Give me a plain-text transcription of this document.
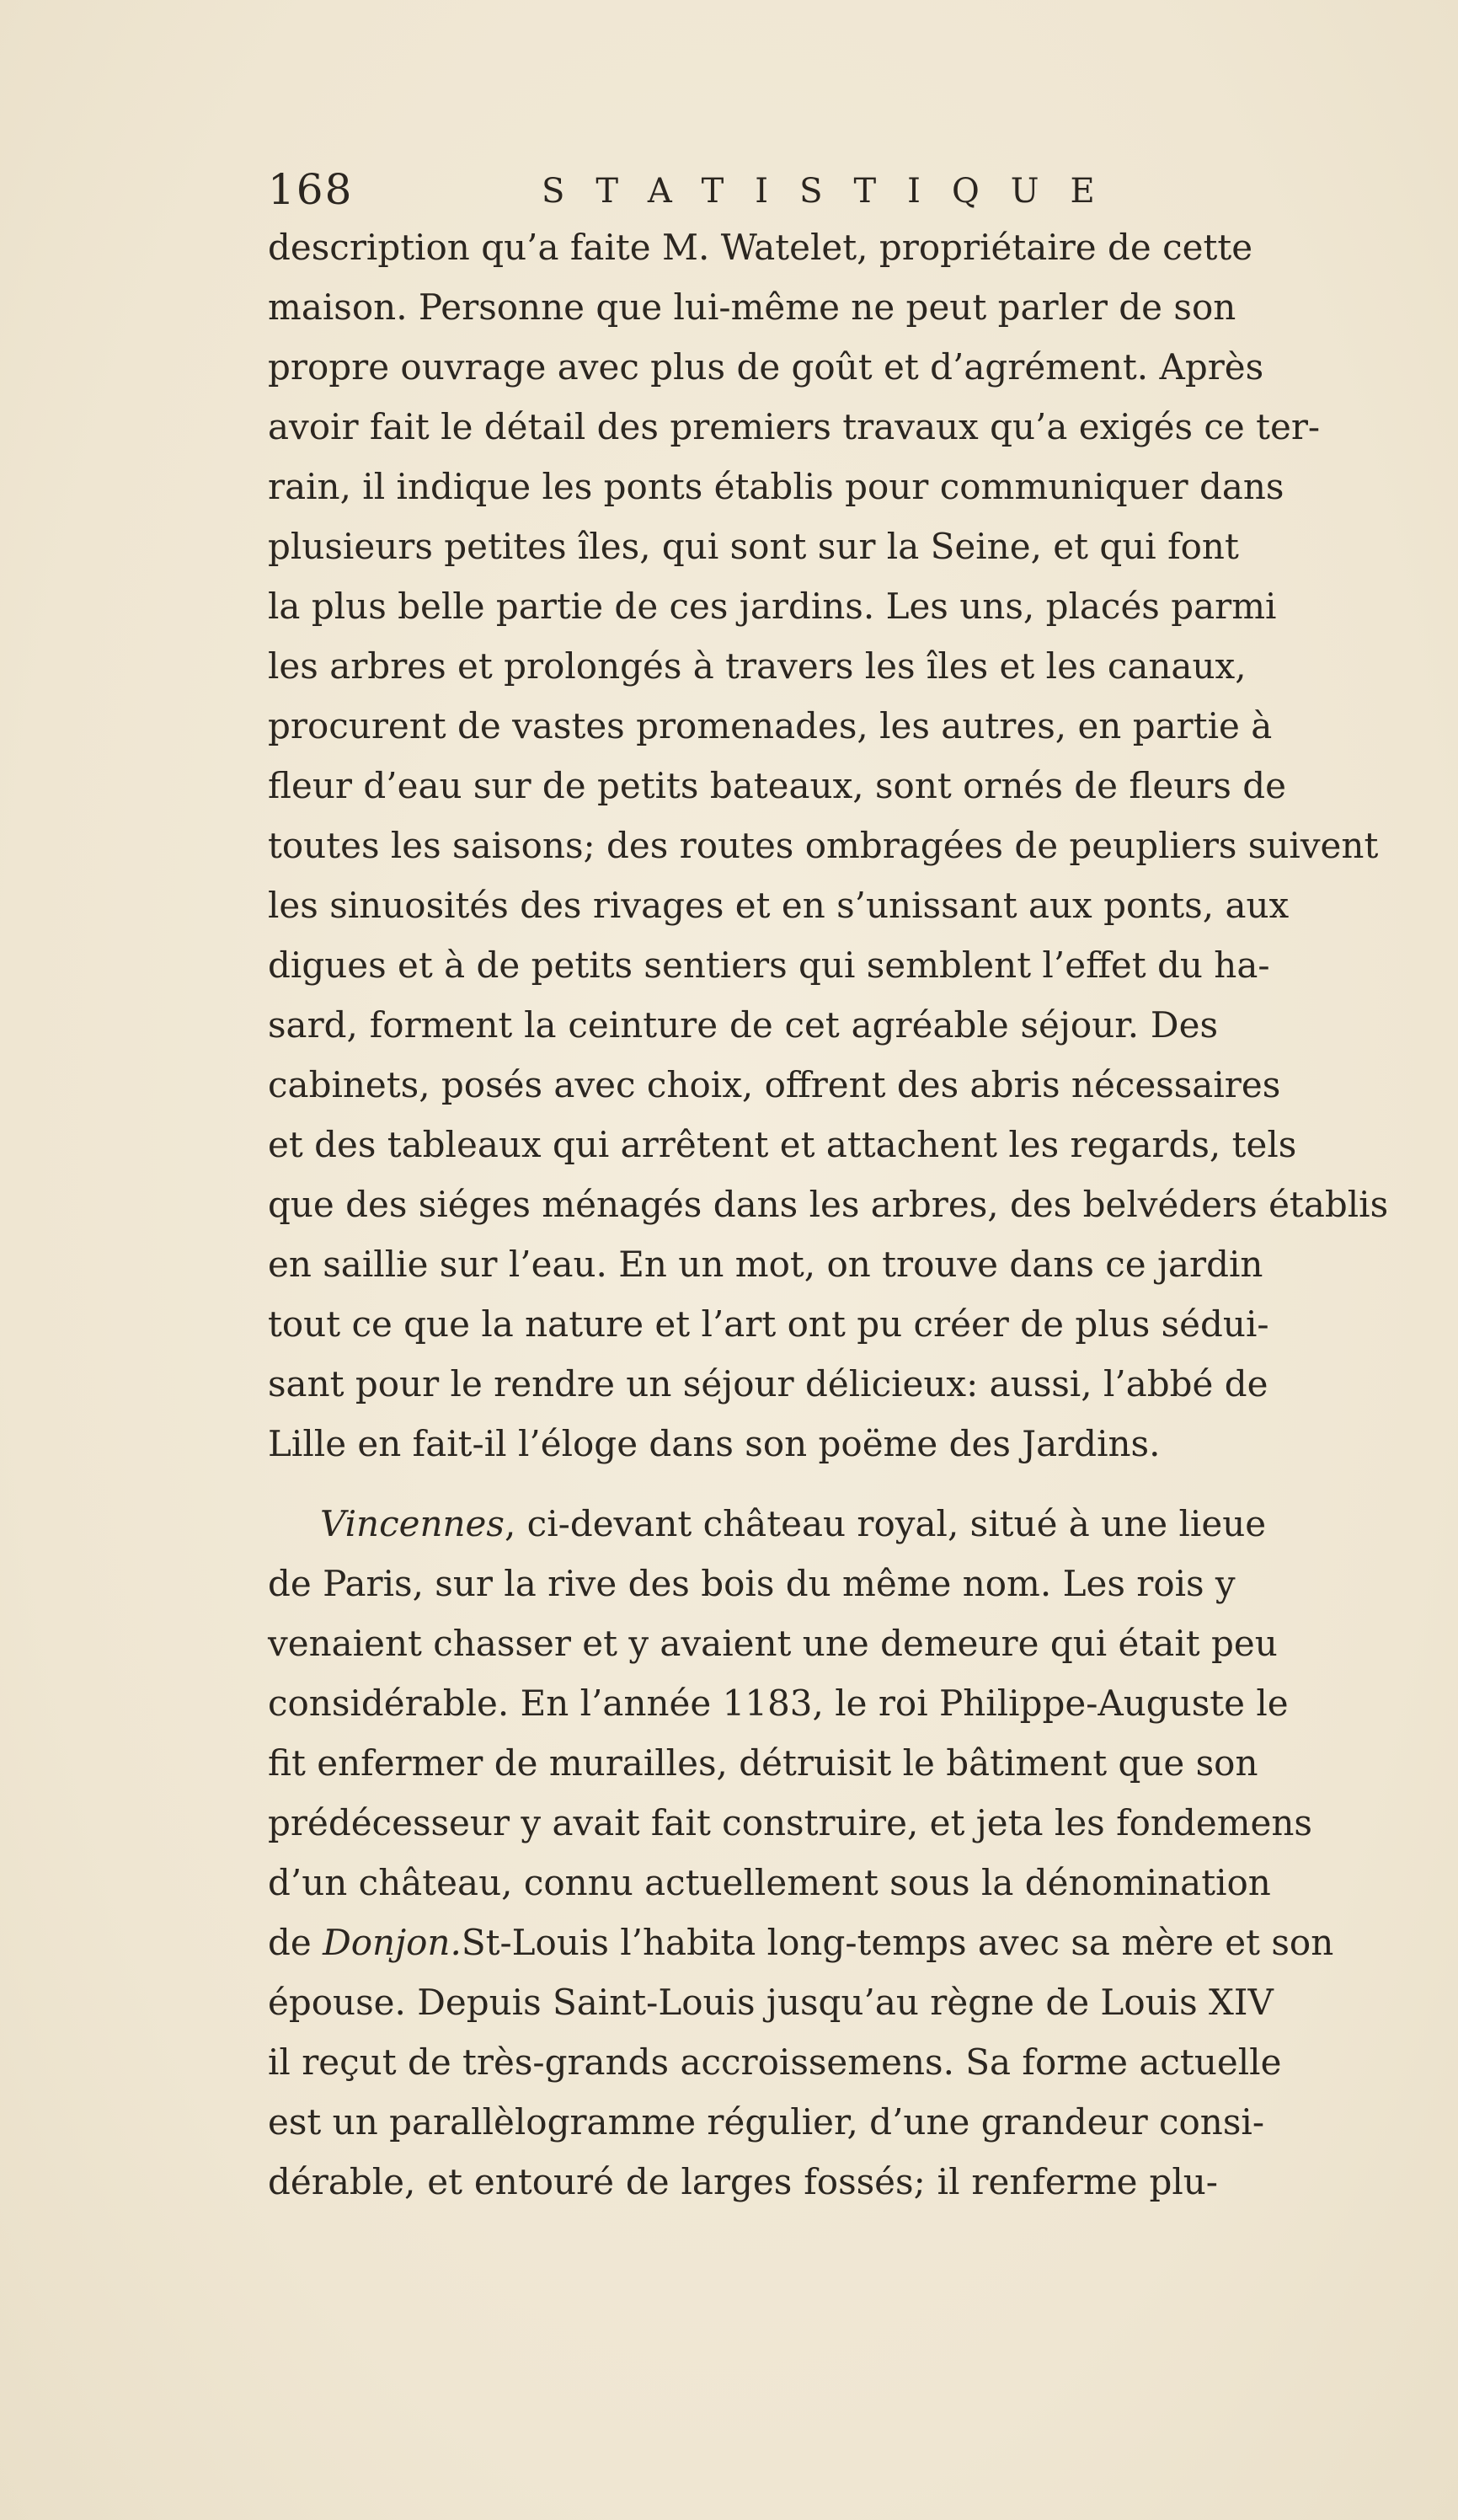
168	STATISTIQUE
description qu’a faite M. Watelet, propriétaire de cette
maison. Personne que lui-même ne peut parler de son
propre ouvrage avec plus de goût et d’agrément. Après
avoir fait le détail des premiers travaux qu’a exigés ce ter-
rain, il indique les ponts établis pour communiquer dans
plusieurs petites îles, qui sont sur la Seine, et qui font
la plus belle partie de ces jardins. Les uns, placés parmi
les arbres et prolongés à travers les îles et les canaux,
procurent de vastes promenades, les autres, en partie à
fleur d’eau sur de petits bateaux, sont ornés de fleurs de
toutes les saisons; des routes ombragées de peupliers suivent
les sinuosités des rivages et en s’unissant aux ponts, aux
digues et à de petits sentiers qui semblent l’effet du ha-
sard, forment la ceinture de cet agréable séjour. Des
cabinets, posés avec choix, offrent des abris nécessaires
et des tableaux qui arrêtent et attachent les regards, tels
que des siéges ménagés dans les arbres, des belvéders établis
en saillie sur l’eau. En un mot, on trouve dans ce jardin
tout ce que la nature et l’art ont pu créer de plus sédui-
sant pour le rendre un séjour délicieux: aussi, l’abbé de
Lille en fait-il l’éloge dans son poëme des Jardins.
Vincennes, ci-devant château royal, situé à une lieue
de Paris, sur la rive des bois du même nom. Les rois y
venaient chasser et y avaient une demeure qui était peu
considérable. En l’année 1183, le roi Philippe-Auguste le
fit enfermer de murailles, détruisit le bâtiment que son
prédécesseur y avait fait construire, et jeta les fondemens
d’un château, connu actuellement sous la dénomination
de Donjon.St-Louis l’habita long-temps avec sa mère et son
épouse. Depuis Saint-Louis jusqu’au règne de Louis XIV
il reçut de très-grands accroissemens. Sa forme actuelle
est un parallèlogramme régulier, d’une grandeur consi-
dérable, et entouré de larges fossés; il renferme plu-
